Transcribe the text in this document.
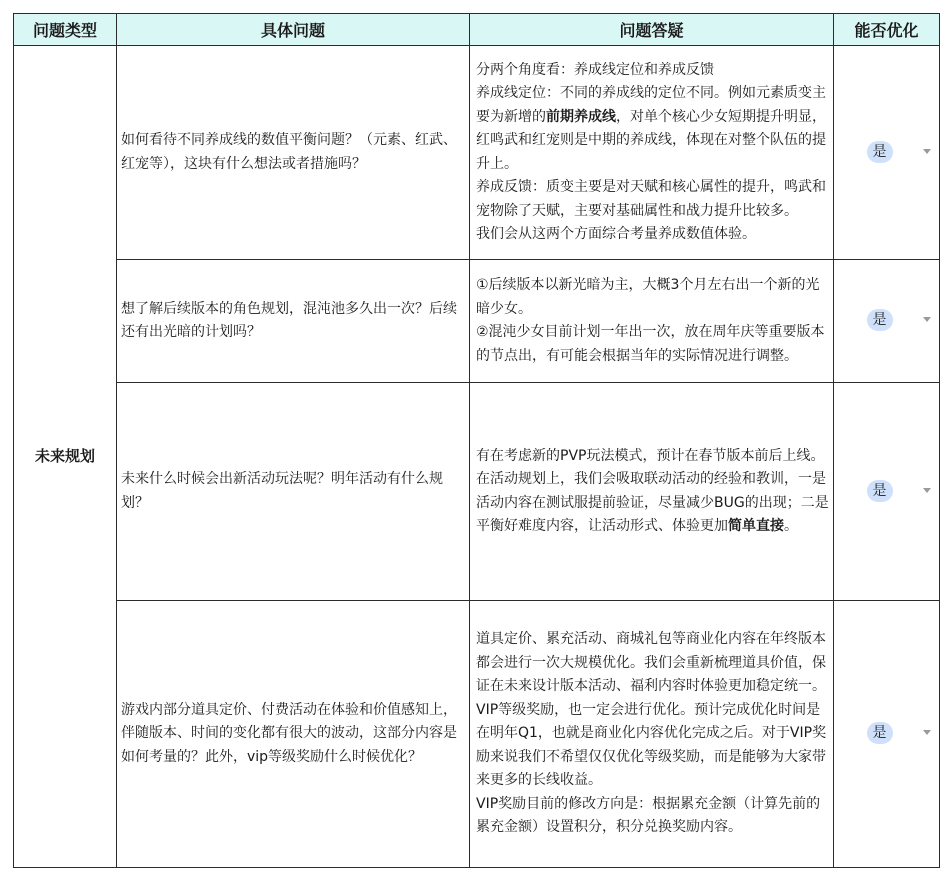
问题类型	具体问题	问题答疑	能否优化
未来规划	如何看待不同养成线的数值平衡问题？（元素、红武、红宠等），这块有什么想法或者措施吗？	分两个角度看：养成线定位和养成反馈
养成线定位：不同的养成线的定位不同。例如元素质变主要为新增的前期养成线，对单个核心少女短期提升明显，红鸣武和红宠则是中期的养成线，体现在对整个队伍的提升上。
养成反馈：质变主要是对天赋和核心属性的提升，鸣武和宠物除了天赋，主要对基础属性和战力提升比较多。
我们会从这两个方面综合考量养成数值体验。	是

	想了解后续版本的角色规划，混沌池多久出一次？后续还有出光暗的计划吗？	①后续版本以新光暗为主，大概3个月左右出一个新的光暗少女。
②混沌少女目前计划一年出一次，放在周年庆等重要版本的节点出，有可能会根据当年的实际情况进行调整。	是

	未来什么时候会出新活动玩法呢？明年活动有什么规划？	有在考虑新的PVP玩法模式，预计在春节版本前后上线。
在活动规划上，我们会吸取联动活动的经验和教训，一是活动内容在测试服提前验证，尽量减少BUG的出现；二是平衡好难度内容，让活动形式、体验更加简单直接。	是

	游戏内部分道具定价、付费活动在体验和价值感知上，伴随版本、时间的变化都有很大的波动，这部分内容是如何考量的？此外，vip等级奖励什么时候优化？	道具定价、累充活动、商城礼包等商业化内容在年终版本都会进行一次大规模优化。我们会重新梳理道具价值，保证在未来设计版本活动、福利内容时体验更加稳定统一。
VIP等级奖励，也一定会进行优化。预计完成优化时间是在明年Q1，也就是商业化内容优化完成之后。对于VIP奖励来说我们不希望仅仅优化等级奖励，而是能够为大家带来更多的长线收益。
VIP奖励目前的修改方向是：根据累充金额（计算先前的累充金额）设置积分，积分兑换奖励内容。	是
